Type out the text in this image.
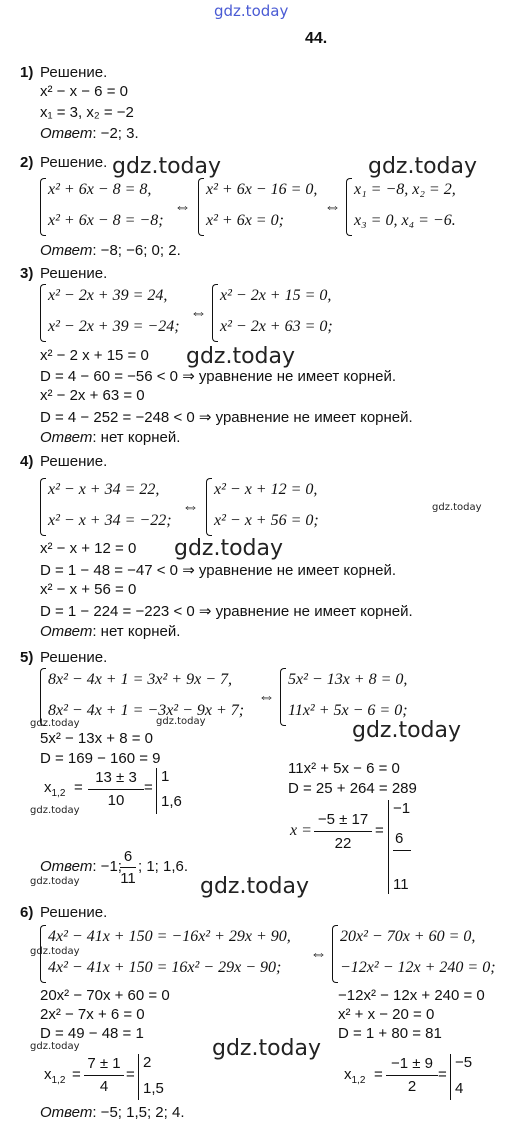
gdz.today
44.
1) Решение.
x² − x − 6 = 0
x₁ = 3, x₂ = −2
Ответ: −2; 3.
2) Решение. gdz.today	gdz.today
x² + 6x − 8 = 8,
x² + 6x − 8 = −8;
⇔
x² + 6x − 16 = 0,
x² + 6x = 0;
⇔
x₁ = −8, x₂ = 2,
x₃ = 0, x₄ = −6.
Ответ: −8; −6; 0; 2.
3) Решение.
x² − 2x + 39 = 24,
x² − 2x + 39 = −24;
⇔
x² − 2x + 15 = 0,
x² − 2x + 63 = 0;
gdz.today
x² − 2 x + 15 = 0
D = 4 − 60 = −56 < 0 ⇒ уравнение не имеет корней.
x² − 2x + 63 = 0
D = 4 − 252 = −248 < 0 ⇒ уравнение не имеет корней.
Ответ: нет корней.
4) Решение.
x² − x + 34 = 22,
x² − x + 34 = −22;
⇔
x² − x + 12 = 0,
x² − x + 56 = 0;
gdz.today
gdz.today
x² − x + 12 = 0
D = 1 − 48 = −47 < 0 ⇒ уравнение не имеет корней.
x² − x + 56 = 0
D = 1 − 224 = −223 < 0 ⇒ уравнение не имеет корней.
Ответ: нет корней.
5) Решение.
8x² − 4x + 1 = 3x² + 9x − 7,
8x² − 4x + 1 = −3x² − 9x + 7;
⇔
5x² − 13x + 8 = 0,
11x² + 5x − 6 = 0;
gdz.today	gdz.today	gdz.today
5x² − 13x + 8 = 0
D = 169 − 160 = 9
$x_{1,2}$ =
13 ± 3
10
=
1
1,6
gdz.today
11x² + 5x − 6 = 0
D = 25 + 264 = 289
x =
−5 ± 17
22
=
−1
6
11
Ответ: −1;
6
11
; 1; 1,6.
gdz.today	gdz.today
6) Решение.
4x² − 41x + 150 = −16x² + 29x + 90,
4x² − 41x + 150 = 16x² − 29x − 90;
gdz.today	⇔
20x² − 70x + 60 = 0,
−12x² − 12x + 240 = 0;
20x² − 70x + 60 = 0
2x² − 7x + 6 = 0
D = 49 − 48 = 1
−12x² − 12x + 240 = 0
x² + x − 20 = 0
D = 1 + 80 = 81
gdz.today	gdz.today
$x_{1,2}$ =
7 ± 1
4
=
2
1,5
$x_{1,2}$ =
−1 ± 9
2
=
−5
4
Ответ: −5; 1,5; 2; 4.
